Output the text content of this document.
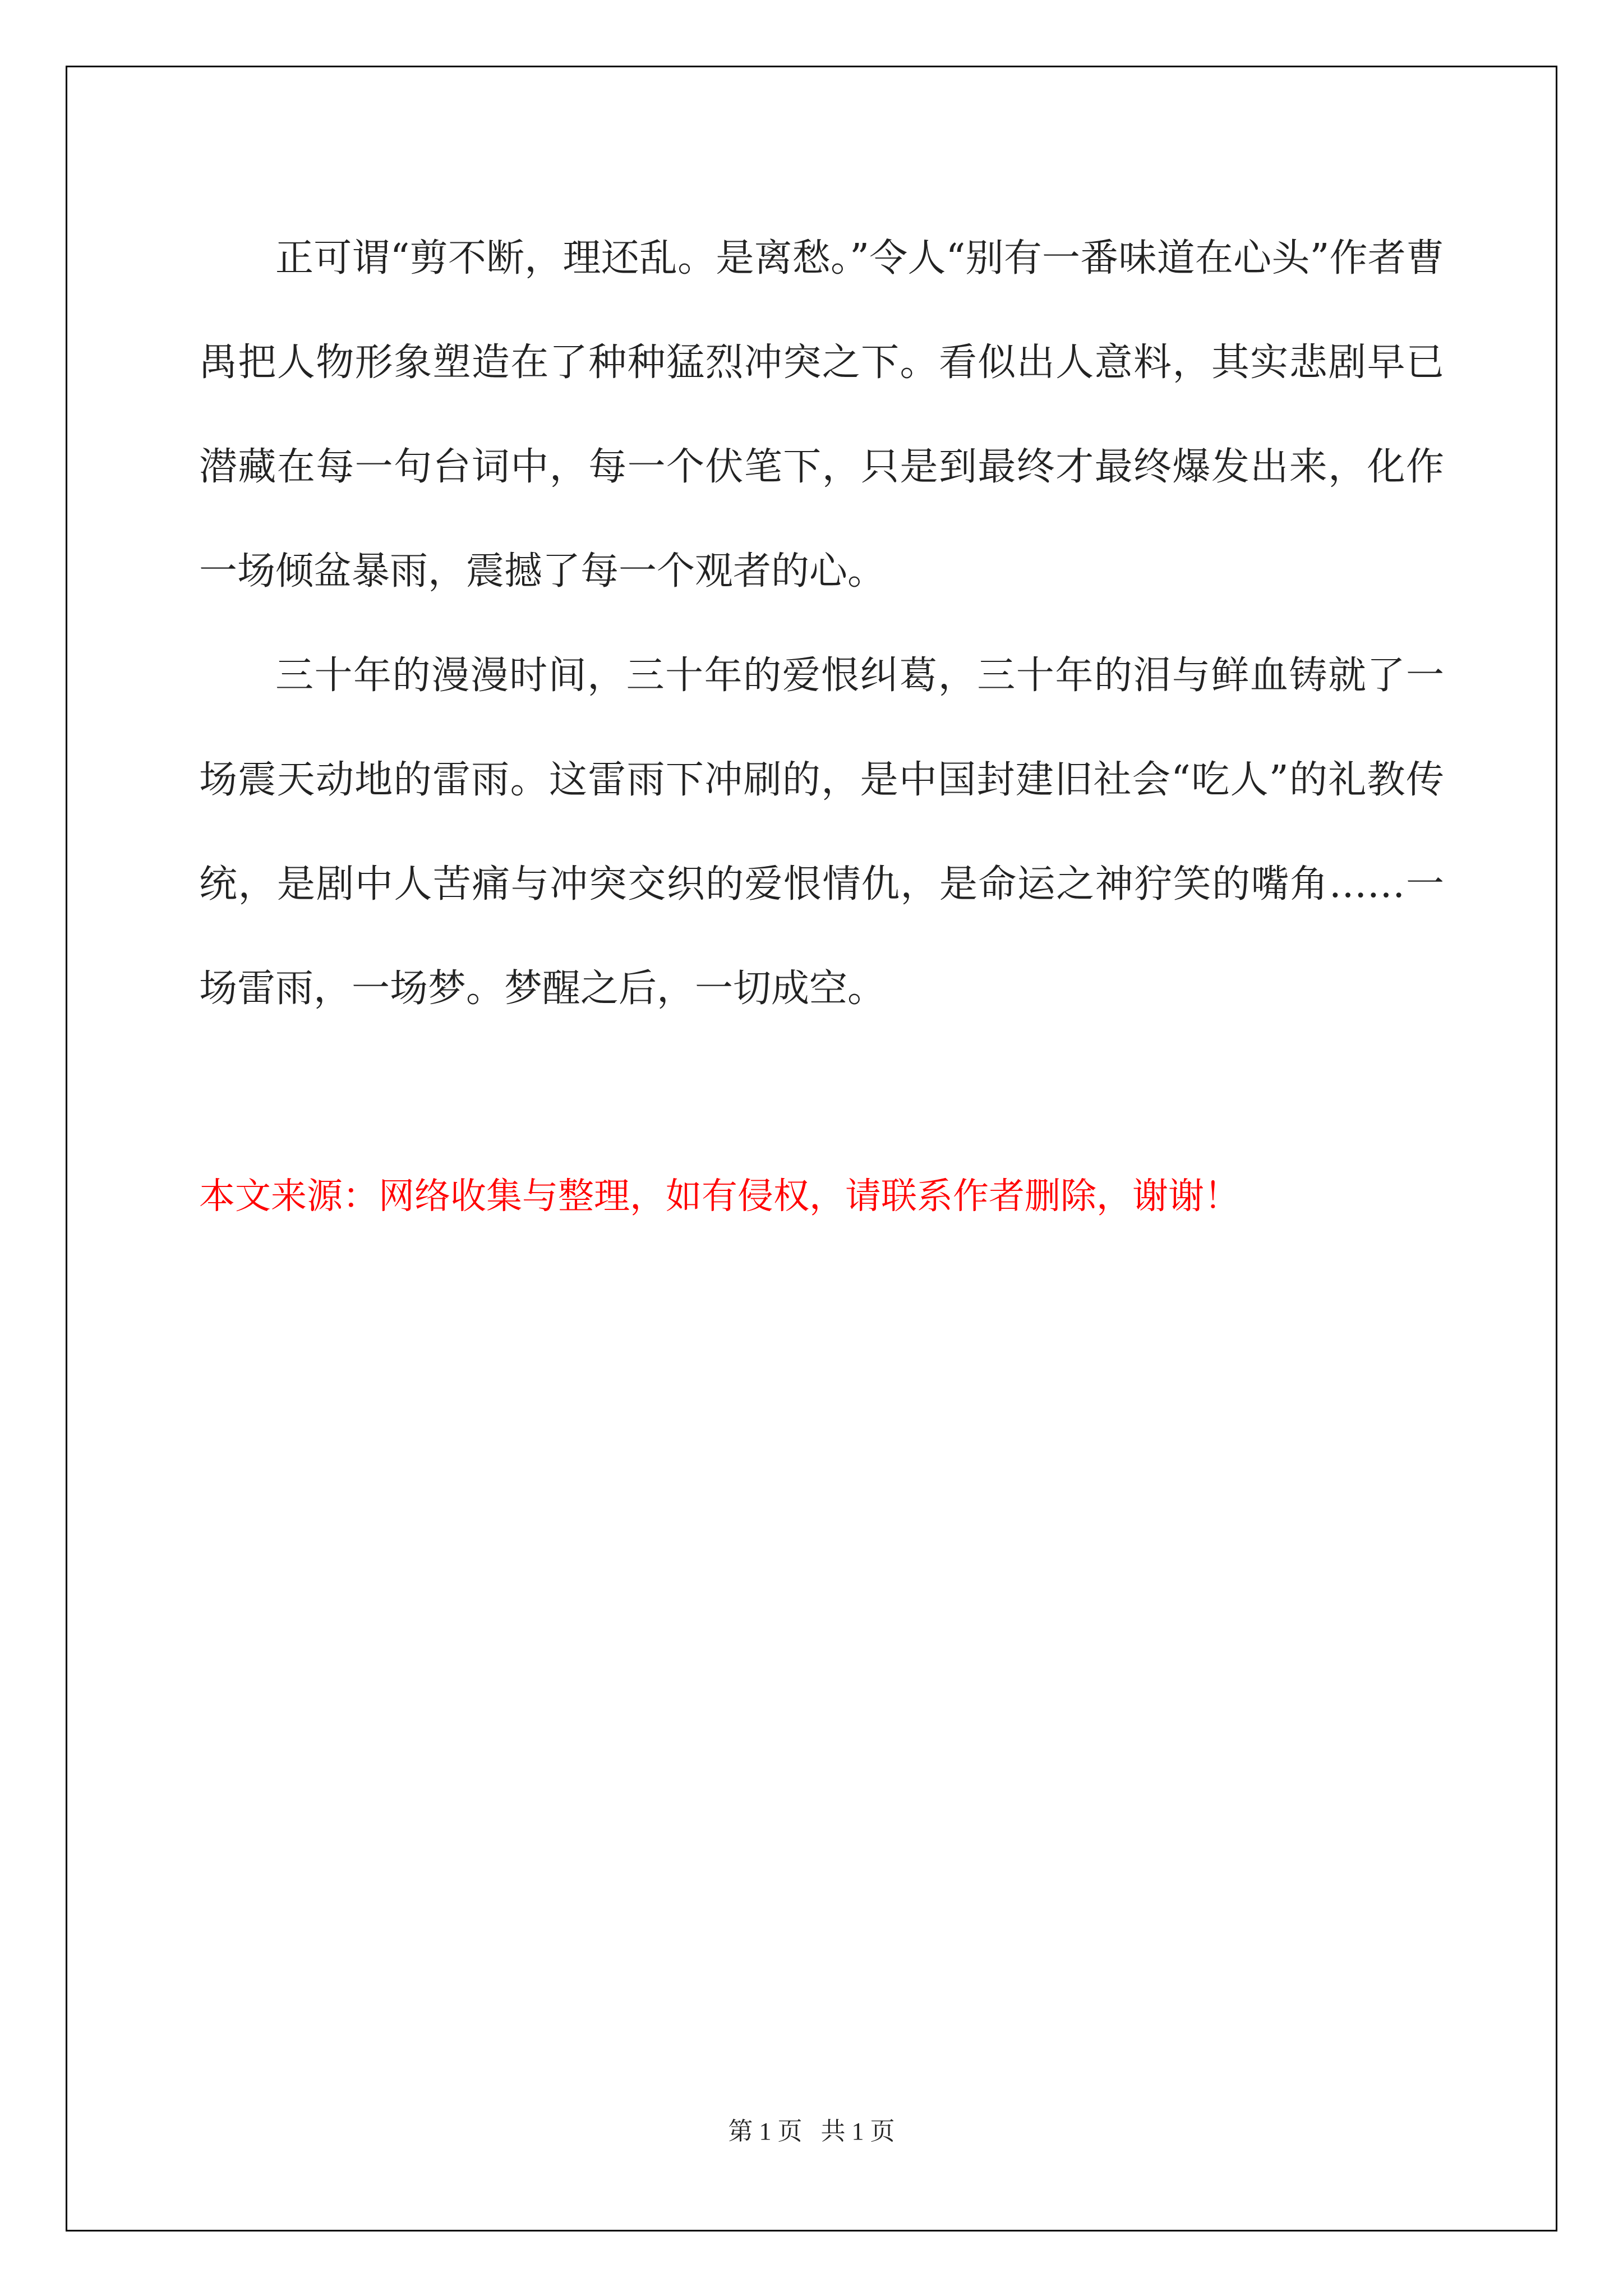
正可谓“剪不断，理还乱。是离愁。”令人“别有一番味道在心头”作者曹禺把人物形象塑造在了种种猛烈冲突之下。看似出人意料，其实悲剧早已潜藏在每一句台词中，每一个伏笔下，只是到最终才最终爆发出来，化作一场倾盆暴雨，震撼了每一个观者的心。

三十年的漫漫时间，三十年的爱恨纠葛，三十年的泪与鲜血铸就了一场震天动地的雷雨。这雷雨下冲刷的，是中国封建旧社会“吃人”的礼教传统，是剧中人苦痛与冲突交织的爱恨情仇，是命运之神狞笑的嘴角……一场雷雨，一场梦。梦醒之后，一切成空。

本文来源：网络收集与整理，如有侵权，请联系作者删除，谢谢！
第 1 页   共 1 页
